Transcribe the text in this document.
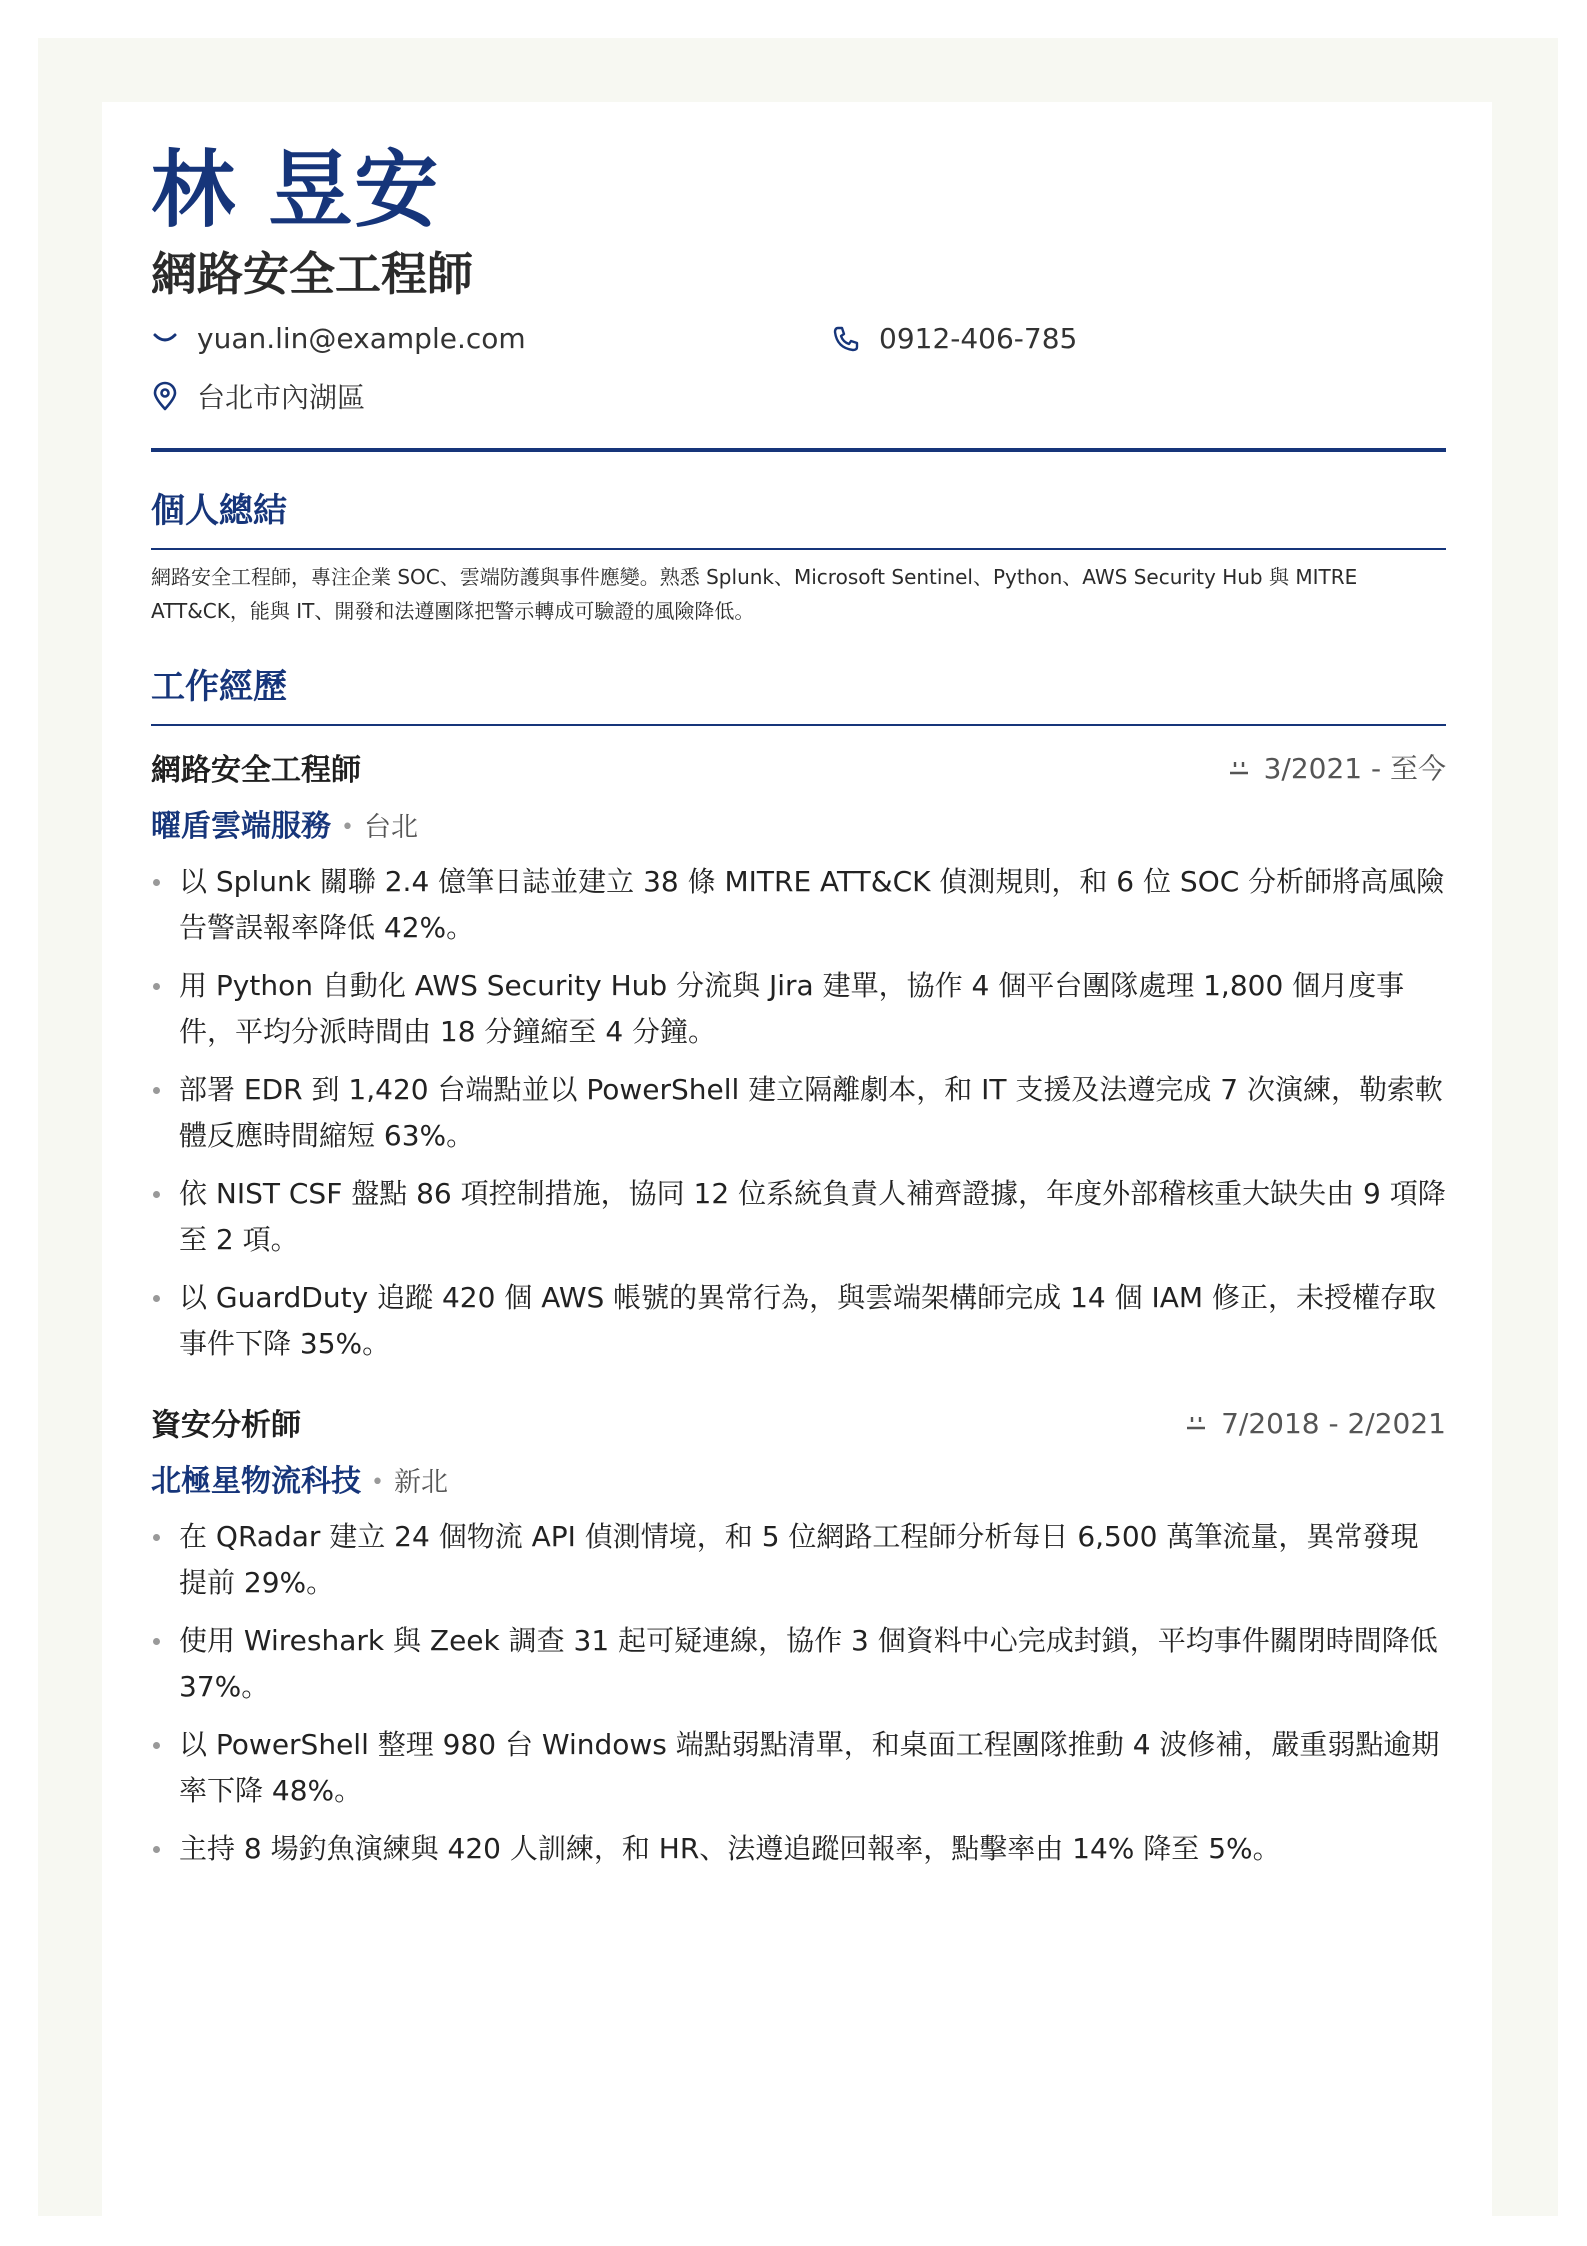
林 昱安
網路安全工程師
yuan.lin@example.com	0912-406-785
台北市內湖區
個人總結
網路安全工程師，專注企業 SOC、雲端防護與事件應變。熟悉 Splunk、Microsoft Sentinel、Python、AWS Security Hub 與 MITRE ATT&CK，能與 IT、開發和法遵團隊把警示轉成可驗證的風險降低。
工作經歷
網路安全工程師	3/2021 - 至今
曜盾雲端服務 • 台北
以 Splunk 關聯 2.4 億筆日誌並建立 38 條 MITRE ATT&CK 偵測規則，和 6 位 SOC 分析師將高風險告警誤報率降低 42%。
用 Python 自動化 AWS Security Hub 分流與 Jira 建單，協作 4 個平台團隊處理 1,800 個月度事件，平均分派時間由 18 分鐘縮至 4 分鐘。
部署 EDR 到 1,420 台端點並以 PowerShell 建立隔離劇本，和 IT 支援及法遵完成 7 次演練，勒索軟體反應時間縮短 63%。
依 NIST CSF 盤點 86 項控制措施，協同 12 位系統負責人補齊證據，年度外部稽核重大缺失由 9 項降至 2 項。
以 GuardDuty 追蹤 420 個 AWS 帳號的異常行為，與雲端架構師完成 14 個 IAM 修正，未授權存取事件下降 35%。
資安分析師	7/2018 - 2/2021
北極星物流科技 • 新北
在 QRadar 建立 24 個物流 API 偵測情境，和 5 位網路工程師分析每日 6,500 萬筆流量，異常發現提前 29%。
使用 Wireshark 與 Zeek 調查 31 起可疑連線，協作 3 個資料中心完成封鎖，平均事件關閉時間降低 37%。
以 PowerShell 整理 980 台 Windows 端點弱點清單，和桌面工程團隊推動 4 波修補，嚴重弱點逾期率下降 48%。
主持 8 場釣魚演練與 420 人訓練，和 HR、法遵追蹤回報率，點擊率由 14% 降至 5%。
